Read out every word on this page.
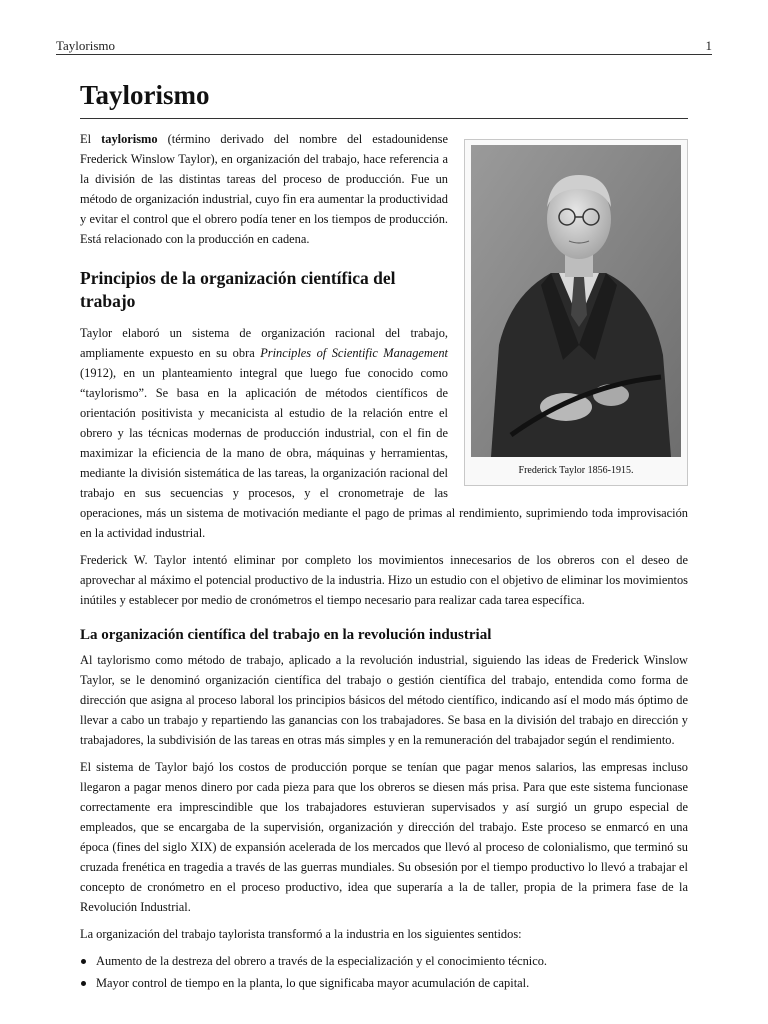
Taylorismo	1
Taylorismo
Frederick Taylor 1856-1915.

El taylorismo (término derivado del nombre del estadounidense Frederick Winslow Taylor), en organización del trabajo, hace referencia a la división de las distintas tareas del proceso de producción. Fue un método de organización industrial, cuyo fin era aumentar la productividad y evitar el control que el obrero podía tener en los tiempos de producción. Está relacionado con la producción en cadena.

Principios de la organización científica del trabajo

Taylor elaboró un sistema de organización racional del trabajo, ampliamente expuesto en su obra Principles of Scientific Management (1912), en un planteamiento integral que luego fue conocido como “taylorismo”. Se basa en la aplicación de métodos científicos de orientación positivista y mecanicista al estudio de la relación entre el obrero y las técnicas modernas de producción industrial, con el fin de maximizar la eficiencia de la mano de obra, máquinas y herramientas, mediante la división sistemática de las tareas, la organización racional del trabajo en sus secuencias y procesos, y el cronometraje de las operaciones, más un sistema de motivación mediante el pago de primas al rendimiento, suprimiendo toda improvisación en la actividad industrial.

Frederick W. Taylor intentó eliminar por completo los movimientos innecesarios de los obreros con el deseo de aprovechar al máximo el potencial productivo de la industria. Hizo un estudio con el objetivo de eliminar los movimientos inútiles y establecer por medio de cronómetros el tiempo necesario para realizar cada tarea específica.

La organización científica del trabajo en la revolución industrial

Al taylorismo como método de trabajo, aplicado a la revolución industrial, siguiendo las ideas de Frederick Winslow Taylor, se le denominó organización científica del trabajo o gestión científica del trabajo, entendida como forma de dirección que asigna al proceso laboral los principios básicos del método científico, indicando así el modo más óptimo de llevar a cabo un trabajo y repartiendo las ganancias con los trabajadores. Se basa en la división del trabajo en dirección y trabajadores, la subdivisión de las tareas en otras más simples y en la remuneración del trabajador según el rendimiento.

El sistema de Taylor bajó los costos de producción porque se tenían que pagar menos salarios, las empresas incluso llegaron a pagar menos dinero por cada pieza para que los obreros se diesen más prisa. Para que este sistema funcionase correctamente era imprescindible que los trabajadores estuvieran supervisados y así surgió un grupo especial de empleados, que se encargaba de la supervisión, organización y dirección del trabajo. Este proceso se enmarcó en una época (fines del siglo XIX) de expansión acelerada de los mercados que llevó al proceso de colonialismo, que terminó su cruzada frenética en tragedia a través de las guerras mundiales. Su obsesión por el tiempo productivo lo llevó a trabajar el concepto de cronómetro en el proceso productivo, idea que superaría a la de taller, propia de la primera fase de la Revolución Industrial.

La organización del trabajo taylorista transformó a la industria en los siguientes sentidos:

Aumento de la destreza del obrero a través de la especialización y el conocimiento técnico.
Mayor control de tiempo en la planta, lo que significaba mayor acumulación de capital.
